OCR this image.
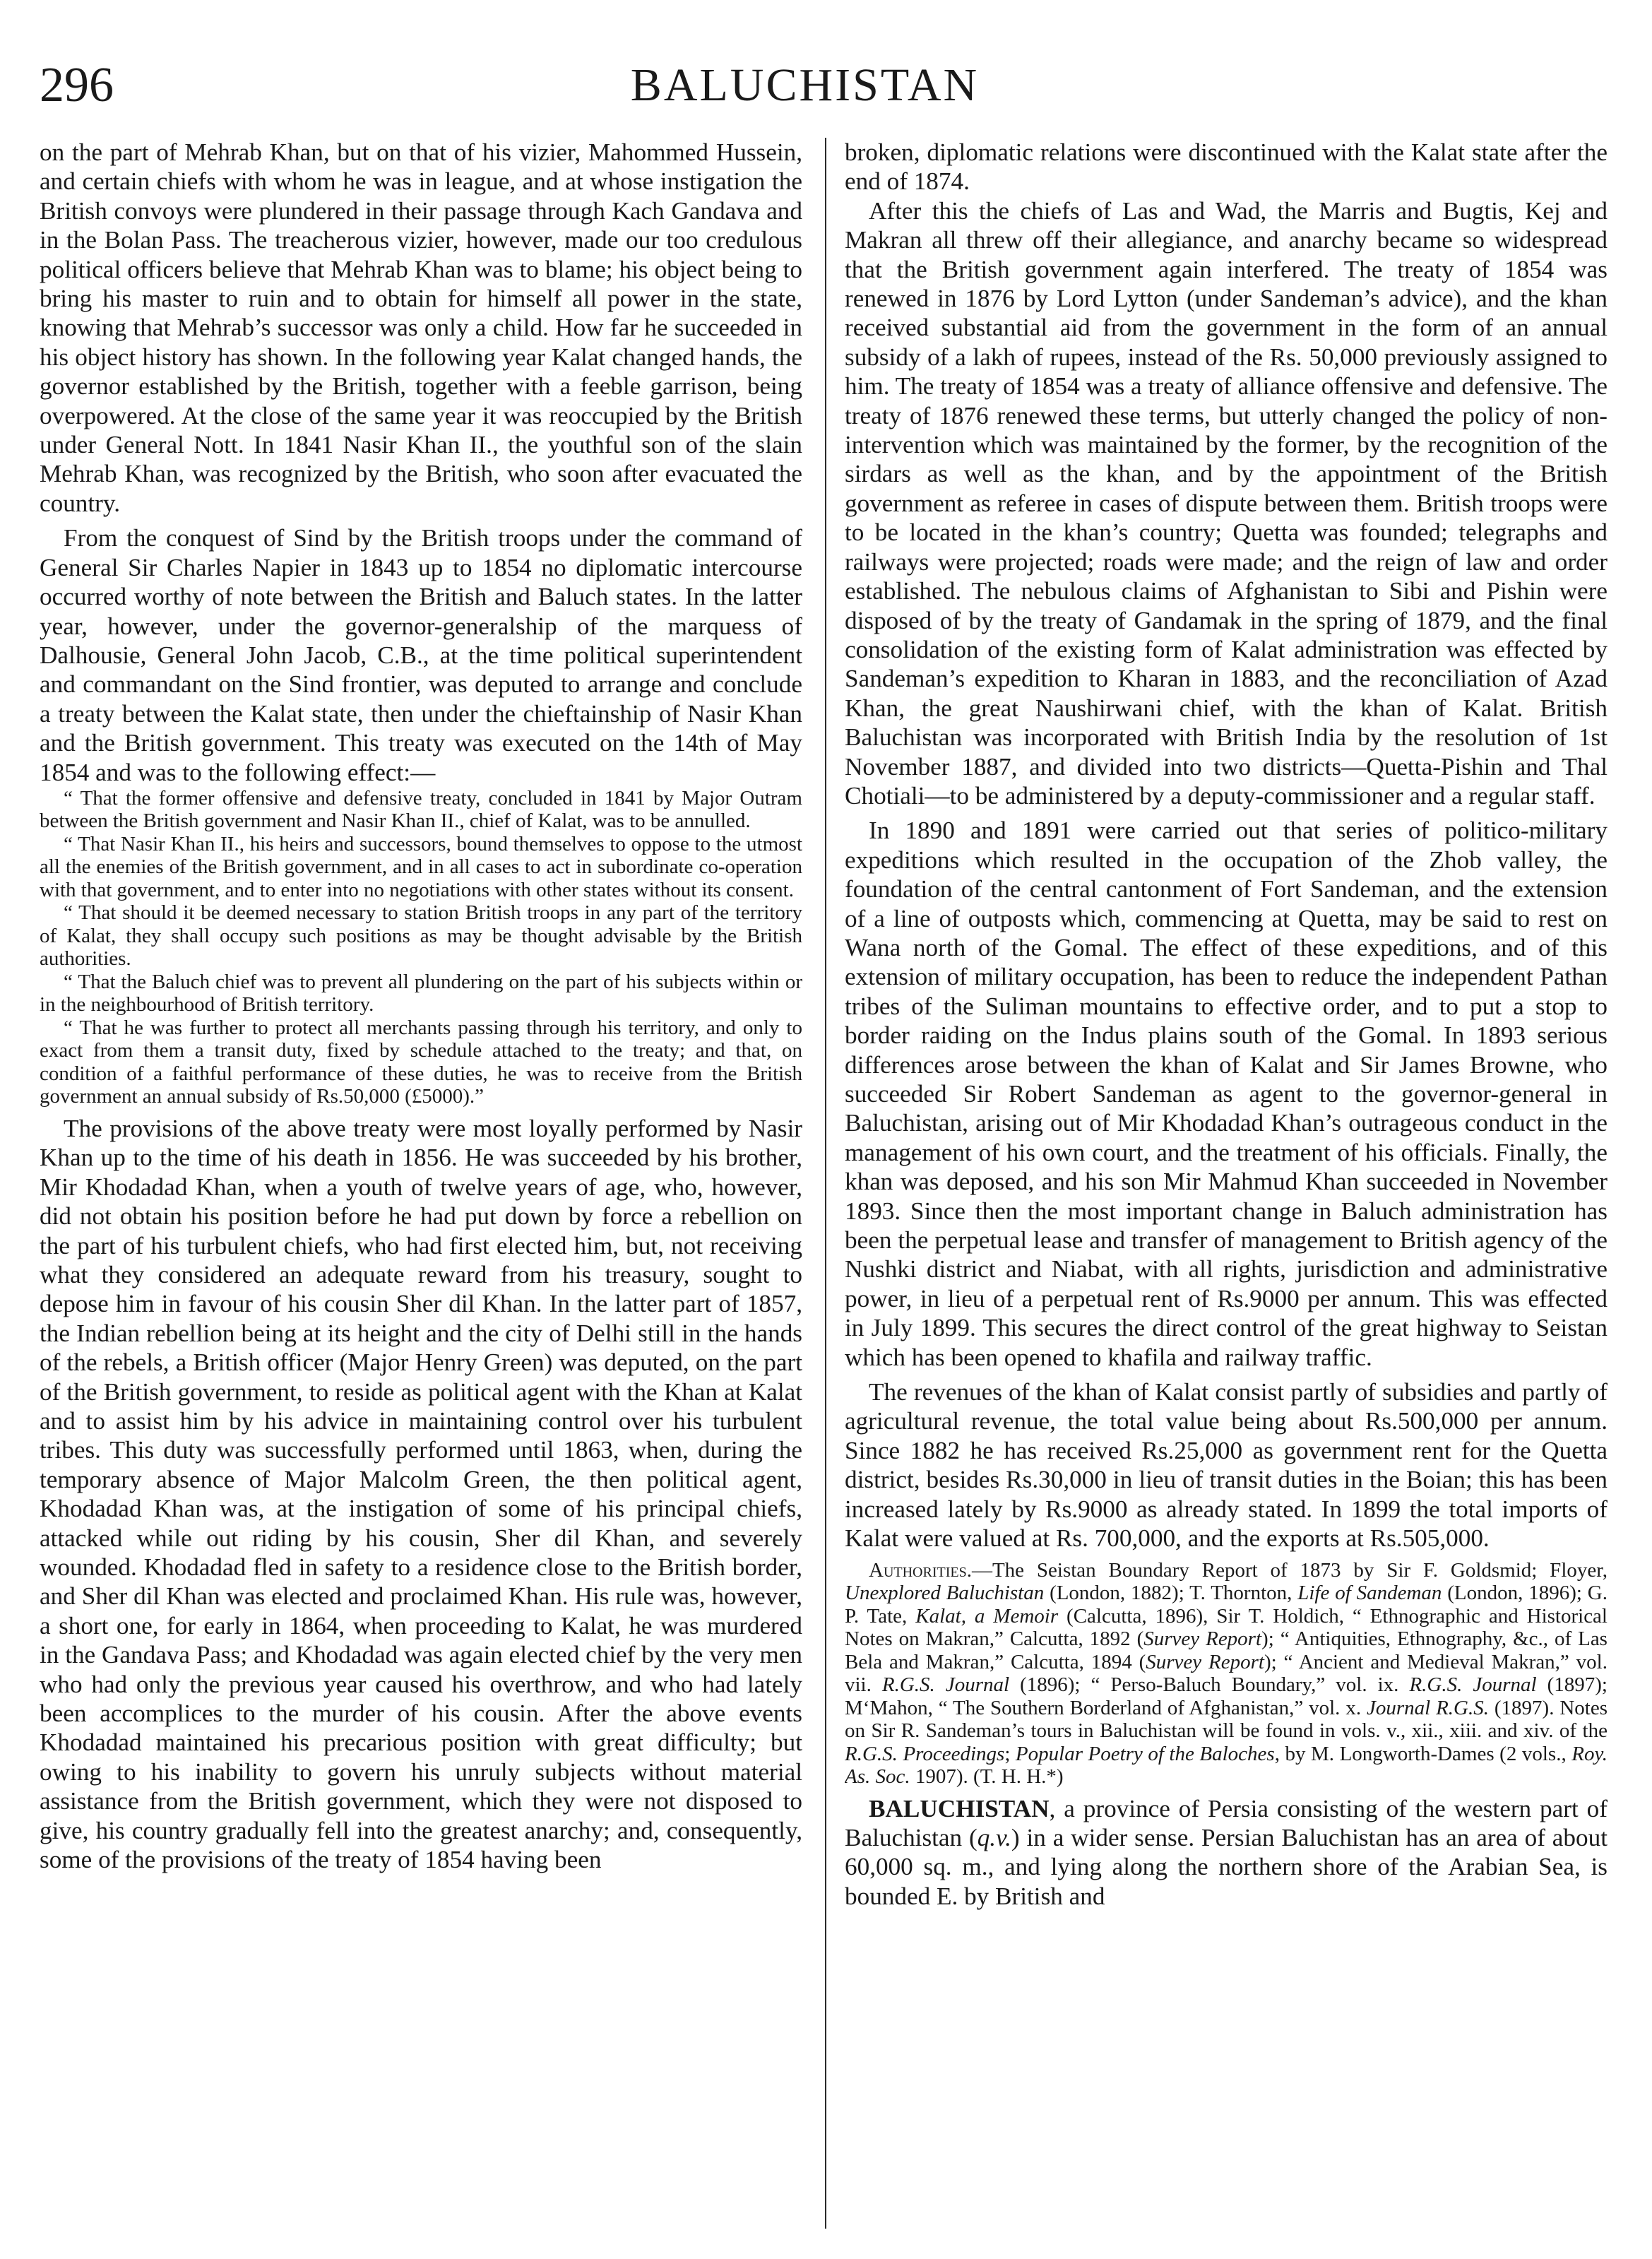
296	BALUCHISTAN

on the part of Mehrab Khan, but on that of his vizier, Mahommed Hussein, and certain chiefs with whom he was in league, and at whose instigation the British convoys were plundered in their passage through Kach Gandava and in the Bolan Pass. The treacherous vizier, however, made our too credulous political officers believe that Mehrab Khan was to blame; his object being to bring his master to ruin and to obtain for himself all power in the state, knowing that Mehrab’s successor was only a child. How far he succeeded in his object history has shown. In the following year Kalat changed hands, the governor established by the British, together with a feeble garrison, being overpowered. At the close of the same year it was reoccupied by the British under General Nott. In 1841 Nasir Khan II., the youthful son of the slain Mehrab Khan, was recognized by the British, who soon after evacuated the country.

From the conquest of Sind by the British troops under the command of General Sir Charles Napier in 1843 up to 1854 no diplomatic intercourse occurred worthy of note between the British and Baluch states. In the latter year, however, under the governor-generalship of the marquess of Dalhousie, General John Jacob, C.B., at the time political superintendent and commandant on the Sind frontier, was deputed to arrange and conclude a treaty between the Kalat state, then under the chieftainship of Nasir Khan and the British government. This treaty was executed on the 14th of May 1854 and was to the following effect:—

“ That the former offensive and defensive treaty, concluded in 1841 by Major Outram between the British government and Nasir Khan II., chief of Kalat, was to be annulled.

“ That Nasir Khan II., his heirs and successors, bound themselves to oppose to the utmost all the enemies of the British government, and in all cases to act in subordinate co-operation with that government, and to enter into no negotiations with other states without its consent.

“ That should it be deemed necessary to station British troops in any part of the territory of Kalat, they shall occupy such positions as may be thought advisable by the British authorities.

“ That the Baluch chief was to prevent all plundering on the part of his subjects within or in the neighbourhood of British territory.

“ That he was further to protect all merchants passing through his territory, and only to exact from them a transit duty, fixed by schedule attached to the treaty; and that, on condition of a faithful performance of these duties, he was to receive from the British government an annual subsidy of Rs.50,000 (£5000).”

The provisions of the above treaty were most loyally performed by Nasir Khan up to the time of his death in 1856. He was succeeded by his brother, Mir Khodadad Khan, when a youth of twelve years of age, who, however, did not obtain his position before he had put down by force a rebellion on the part of his turbulent chiefs, who had first elected him, but, not receiving what they considered an adequate reward from his treasury, sought to depose him in favour of his cousin Sher dil Khan. In the latter part of 1857, the Indian rebellion being at its height and the city of Delhi still in the hands of the rebels, a British officer (Major Henry Green) was deputed, on the part of the British government, to reside as political agent with the Khan at Kalat and to assist him by his advice in maintaining control over his turbulent tribes. This duty was successfully performed until 1863, when, during the temporary absence of Major Malcolm Green, the then political agent, Khodadad Khan was, at the instigation of some of his principal chiefs, attacked while out riding by his cousin, Sher dil Khan, and severely wounded. Khodadad fled in safety to a residence close to the British border, and Sher dil Khan was elected and proclaimed Khan. His rule was, however, a short one, for early in 1864, when proceeding to Kalat, he was murdered in the Gandava Pass; and Khodadad was again elected chief by the very men who had only the previous year caused his overthrow, and who had lately been accomplices to the murder of his cousin. After the above events Khodadad maintained his precarious position with great difficulty; but owing to his inability to govern his unruly subjects without material assistance from the British government, which they were not disposed to give, his country gradually fell into the greatest anarchy; and, consequently, some of the provisions of the treaty of 1854 having been

broken, diplomatic relations were discontinued with the Kalat state after the end of 1874.

After this the chiefs of Las and Wad, the Marris and Bugtis, Kej and Makran all threw off their allegiance, and anarchy became so widespread that the British government again interfered. The treaty of 1854 was renewed in 1876 by Lord Lytton (under Sandeman’s advice), and the khan received substantial aid from the government in the form of an annual subsidy of a lakh of rupees, instead of the Rs. 50,000 previously assigned to him. The treaty of 1854 was a treaty of alliance offensive and defensive. The treaty of 1876 renewed these terms, but utterly changed the policy of non-intervention which was maintained by the former, by the recognition of the sirdars as well as the khan, and by the appointment of the British government as referee in cases of dispute between them. British troops were to be located in the khan’s country; Quetta was founded; telegraphs and railways were projected; roads were made; and the reign of law and order established. The nebulous claims of Afghanistan to Sibi and Pishin were disposed of by the treaty of Gandamak in the spring of 1879, and the final consolidation of the existing form of Kalat administration was effected by Sandeman’s expedition to Kharan in 1883, and the reconciliation of Azad Khan, the great Naushirwani chief, with the khan of Kalat. British Baluchistan was incorporated with British India by the resolution of 1st November 1887, and divided into two districts—Quetta-Pishin and Thal Chotiali—to be administered by a deputy-commissioner and a regular staff.

In 1890 and 1891 were carried out that series of politico-military expeditions which resulted in the occupation of the Zhob valley, the foundation of the central cantonment of Fort Sandeman, and the extension of a line of outposts which, commencing at Quetta, may be said to rest on Wana north of the Gomal. The effect of these expeditions, and of this extension of military occupation, has been to reduce the independent Pathan tribes of the Suliman mountains to effective order, and to put a stop to border raiding on the Indus plains south of the Gomal. In 1893 serious differences arose between the khan of Kalat and Sir James Browne, who succeeded Sir Robert Sandeman as agent to the governor-general in Baluchistan, arising out of Mir Khodadad Khan’s outrageous conduct in the management of his own court, and the treatment of his officials. Finally, the khan was deposed, and his son Mir Mahmud Khan succeeded in November 1893. Since then the most important change in Baluch administration has been the perpetual lease and transfer of management to British agency of the Nushki district and Niabat, with all rights, jurisdiction and administrative power, in lieu of a perpetual rent of Rs.9000 per annum. This was effected in July 1899. This secures the direct control of the great highway to Seistan which has been opened to khafila and railway traffic.

The revenues of the khan of Kalat consist partly of subsidies and partly of agricultural revenue, the total value being about Rs.500,000 per annum. Since 1882 he has received Rs.25,000 as government rent for the Quetta district, besides Rs.30,000 in lieu of transit duties in the Boian; this has been increased lately by Rs.9000 as already stated. In 1899 the total imports of Kalat were valued at Rs. 700,000, and the exports at Rs.505,000.

Authorities.—The Seistan Boundary Report of 1873 by Sir F. Goldsmid; Floyer, Unexplored Baluchistan (London, 1882); T. Thornton, Life of Sandeman (London, 1896); G. P. Tate, Kalat, a Memoir (Calcutta, 1896), Sir T. Holdich, “ Ethnographic and Historical Notes on Makran,” Calcutta, 1892 (Survey Report); “ Antiquities, Ethnography, &c., of Las Bela and Makran,” Calcutta, 1894 (Survey Report); “ Ancient and Medieval Makran,” vol. vii. R.G.S. Journal (1896); “ Perso-Baluch Boundary,” vol. ix. R.G.S. Journal (1897); M‘Mahon, “ The Southern Borderland of Afghanistan,” vol. x. Journal R.G.S. (1897). Notes on Sir R. Sandeman’s tours in Baluchistan will be found in vols. v., xii., xiii. and xiv. of the R.G.S. Proceedings; Popular Poetry of the Baloches, by M. Longworth-Dames (2 vols., Roy. As. Soc. 1907). (T. H. H.*)

BALUCHISTAN, a province of Persia consisting of the western part of Baluchistan (q.v.) in a wider sense. Persian Baluchistan has an area of about 60,000 sq. m., and lying along the northern shore of the Arabian Sea, is bounded E. by British and
